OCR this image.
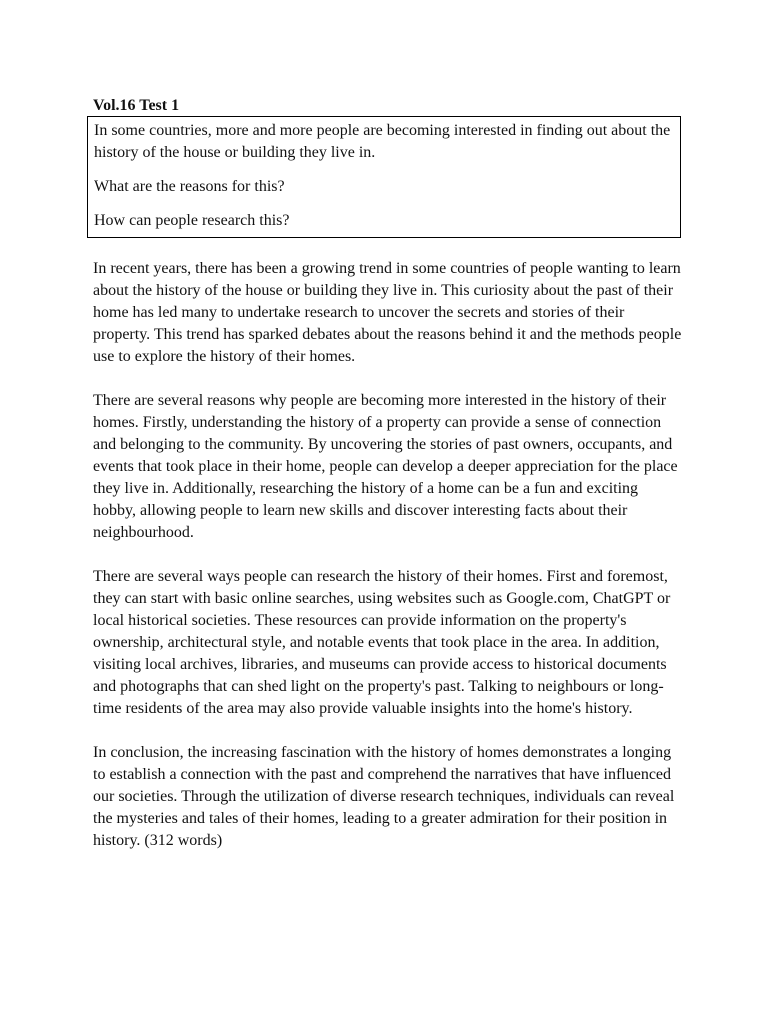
Vol.16 Test 1

In some countries, more and more people are becoming interested in finding out about the history of the house or building they live in.

What are the reasons for this?

How can people research this?

In recent years, there has been a growing trend in some countries of people wanting to learn about the history of the house or building they live in. This curiosity about the past of their home has led many to undertake research to uncover the secrets and stories of their property. This trend has sparked debates about the reasons behind it and the methods people use to explore the history of their homes.

There are several reasons why people are becoming more interested in the history of their homes. Firstly, understanding the history of a property can provide a sense of connection and belonging to the community. By uncovering the stories of past owners, occupants, and events that took place in their home, people can develop a deeper appreciation for the place they live in. Additionally, researching the history of a home can be a fun and exciting hobby, allowing people to learn new skills and discover interesting facts about their neighbourhood.

There are several ways people can research the history of their homes. First and foremost, they can start with basic online searches, using websites such as Google.com, ChatGPT or local historical societies. These resources can provide information on the property's ownership, architectural style, and notable events that took place in the area. In addition, visiting local archives, libraries, and museums can provide access to historical documents and photographs that can shed light on the property's past. Talking to neighbours or long-time residents of the area may also provide valuable insights into the home's history.

In conclusion, the increasing fascination with the history of homes demonstrates a longing to establish a connection with the past and comprehend the narratives that have influenced our societies. Through the utilization of diverse research techniques, individuals can reveal the mysteries and tales of their homes, leading to a greater admiration for their position in history. (312 words)
